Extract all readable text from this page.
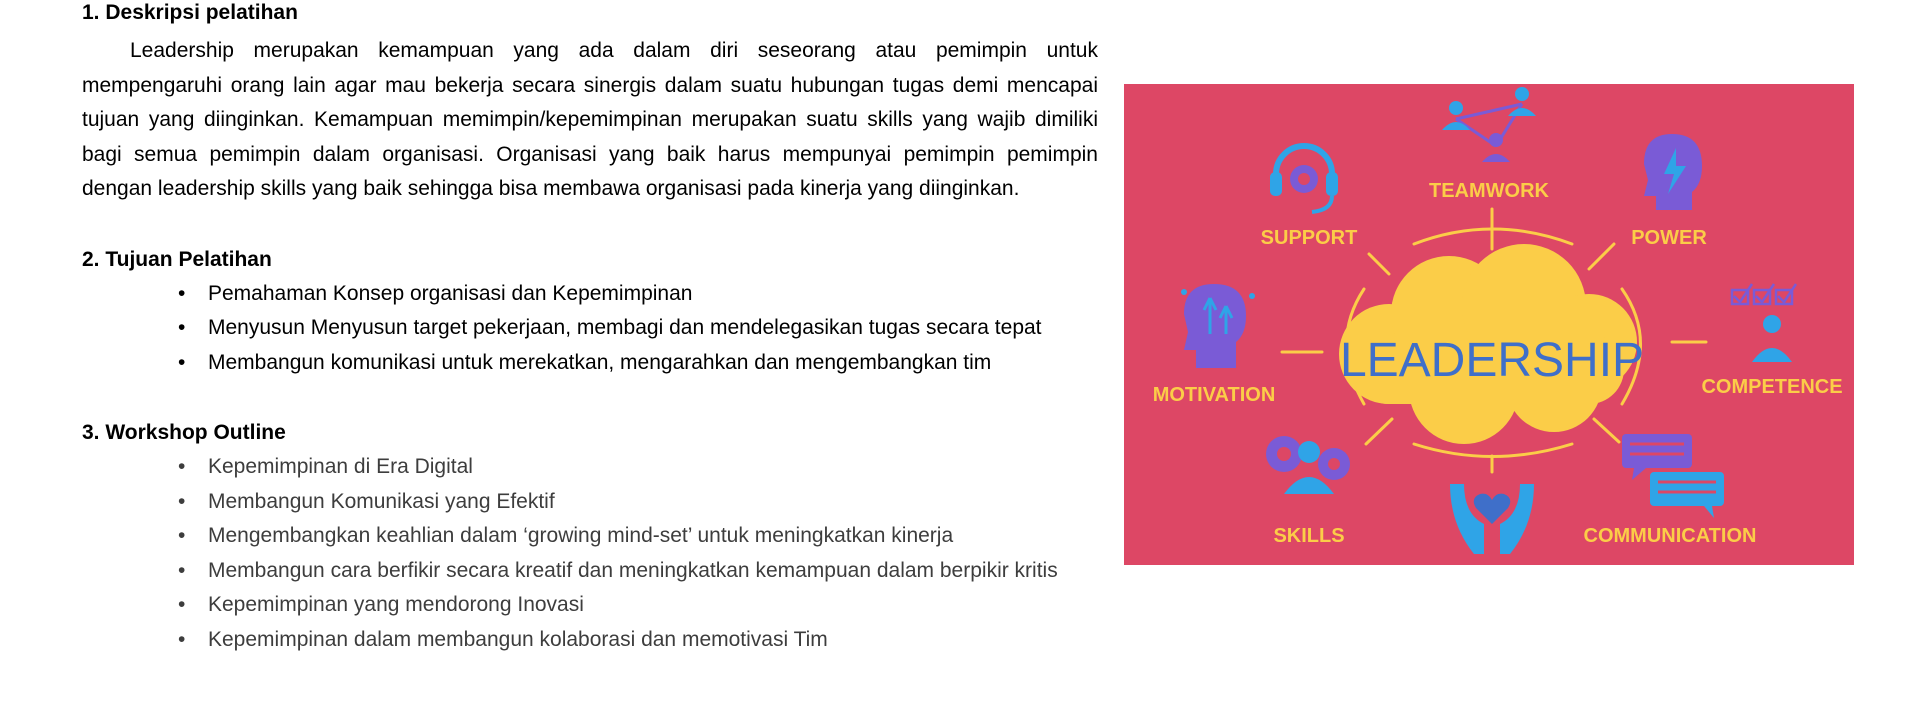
1. Deskripsi pelatihan

Leadership merupakan kemampuan yang ada dalam diri seseorang atau pemimpin untuk mempengaruhi orang lain agar mau bekerja secara sinergis dalam suatu hubungan tugas demi mencapai tujuan yang diinginkan. Kemampuan memimpin/kepemimpinan merupakan suatu skills yang wajib dimiliki bagi semua pemimpin dalam organisasi. Organisasi yang baik harus mempunyai pemimpin pemimpin dengan leadership skills yang baik sehingga bisa membawa organisasi pada kinerja yang diinginkan.

2. Tujuan Pelatihan
• Pemahaman Konsep organisasi dan Kepemimpinan
• Menyusun Menyusun target pekerjaan, membagi dan mendelegasikan tugas secara tepat
• Membangun komunikasi untuk merekatkan, mengarahkan dan mengembangkan tim
3. Workshop Outline
• Kepemimpinan di Era Digital
• Membangun Komunikasi yang Efektif
• Mengembangkan keahlian dalam ‘growing mind-set’ untuk meningkatkan kinerja
• Membangun cara berfikir secara kreatif dan meningkatkan kemampuan dalam berpikir kritis
• Kepemimpinan yang mendorong Inovasi
• Kepemimpinan dalam membangun kolaborasi dan memotivasi Tim
LEADERSHIP
TEAMWORK
SUPPORT	POWER
MOTIVATION	COMPETENCE
SKILLS	COMMUNICATION
